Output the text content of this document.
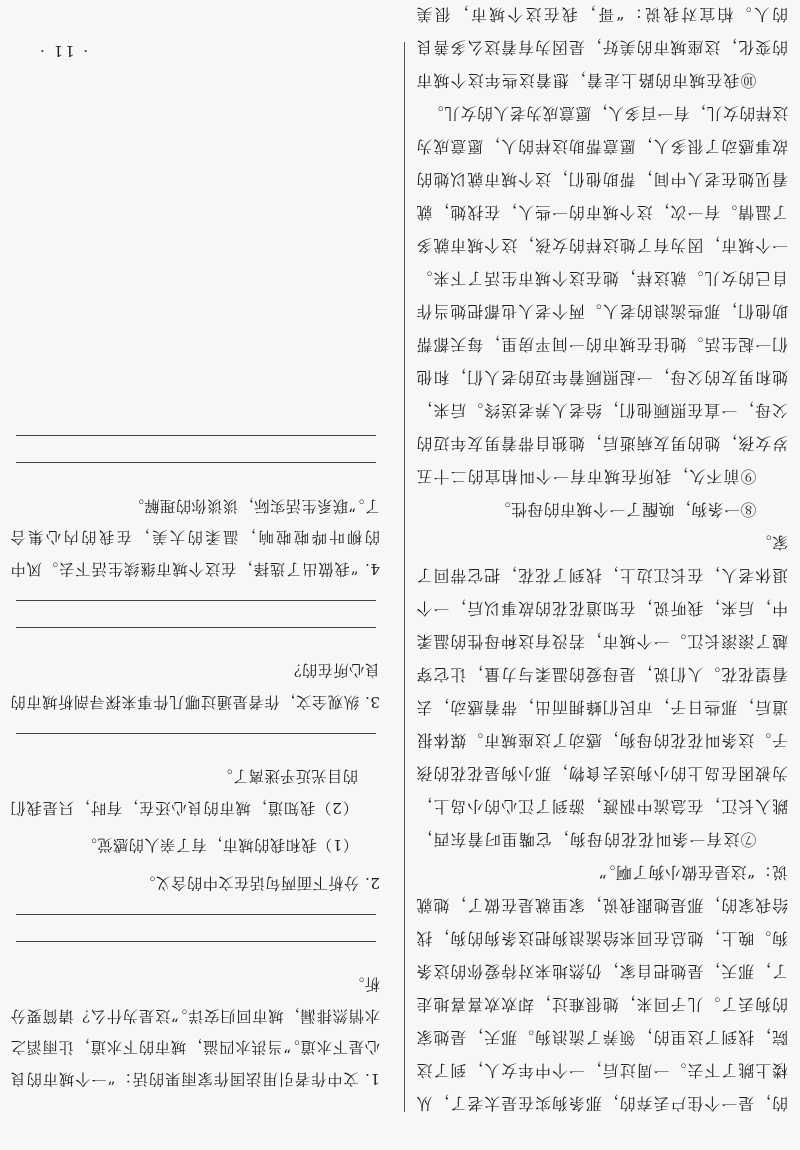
· 11 ·

的，是一个住户丢弃的，那条狗实在是太老了，从楼上跳了下去。一周过后，一个中年女人，到了这院，找到了这里的，领养了流浪狗。那天，是她家的狗丢了。儿子回来，她很难过，却欢欢喜喜地走了，那天，是她把自家，仍然地来对待爱你的这条狗。晚上，她总在回来给流浪狗把这条狗的狗，找给我家的，那是她跟我说，家里就是在做了，她就说：“这是在做小狗了啊。”

⑦这有一条叫花花的母狗，它嘴里叼着东西，跳入长江，在急流中泅渡，游到了江心的小岛上，为被困在岛上的小狗送去食物，那小狗是花花的孩子。这条叫花花的母狗，感动了这座城市。媒体报道后，那些日子，市民们蜂拥而出，带着感动，去看望花花。人们说，是母爱的温柔与力量，让它穿越了滚滚长江。一个城市，若没有这种母性的温柔中，后来，我听说，在知道花花的故事以后，一个退休老人，在长江边上，找到了花花，把它带回了家。

⑧一条狗，唤醒了一个城市的母性。

⑨前不久，我所在城市有一个叫柏宜的二十五岁女孩，她的男友病逝后，她独自带着男友年迈的父母，一直在照顾他们，给老人养老送终。后来，她和男友的父母，一起照顾着年迈的老人们，和他们一起生活。她住在城市的一间平房里，每天都帮助他们，那些流浪的老人。两个老人也都把她当作自己的女儿。就这样，她在这个城市生活了下来。一个城市，因为有了她这样的女孩，这个城市就多了温情。有一次，这个城市的一些人，在找她，就看见她在老人中间，帮助他们，这个城市就以她的故事感动了很多人，愿意帮助这样的人，愿意成为这样的女儿，有一百多人，愿意成为老人的女儿。

⑩我在城市的路上走着，想着这些年这个城市的变化，这座城市的美好，是因为有着这么多善良的人。柏宜对我说：“哥，我在这个城市，很美

1. 文中作者引用法国作家雨果的话：“一个城市的良心是下水道。”当洪水四溢，城市的下水道，让雨滔之水悄然排漏，城市回归安详。”这是为什么？请简要分析。
2. 分析下面两句话在文中的含义。
（1）我和我的城市，有了亲人的感觉。
（2）我知道，城市的良心还在，有时，只是我们的目光近乎迷离了。
3. 纵观全文，作者是通过哪几件事来探寻剖析城市的良心所在的？
4. “我做出了选择，在这个城市继续生活下去。风中的柳叶哗啦啦响，温柔的大美，在我的内心集合了。”联系生活实际，谈谈你的理解。
